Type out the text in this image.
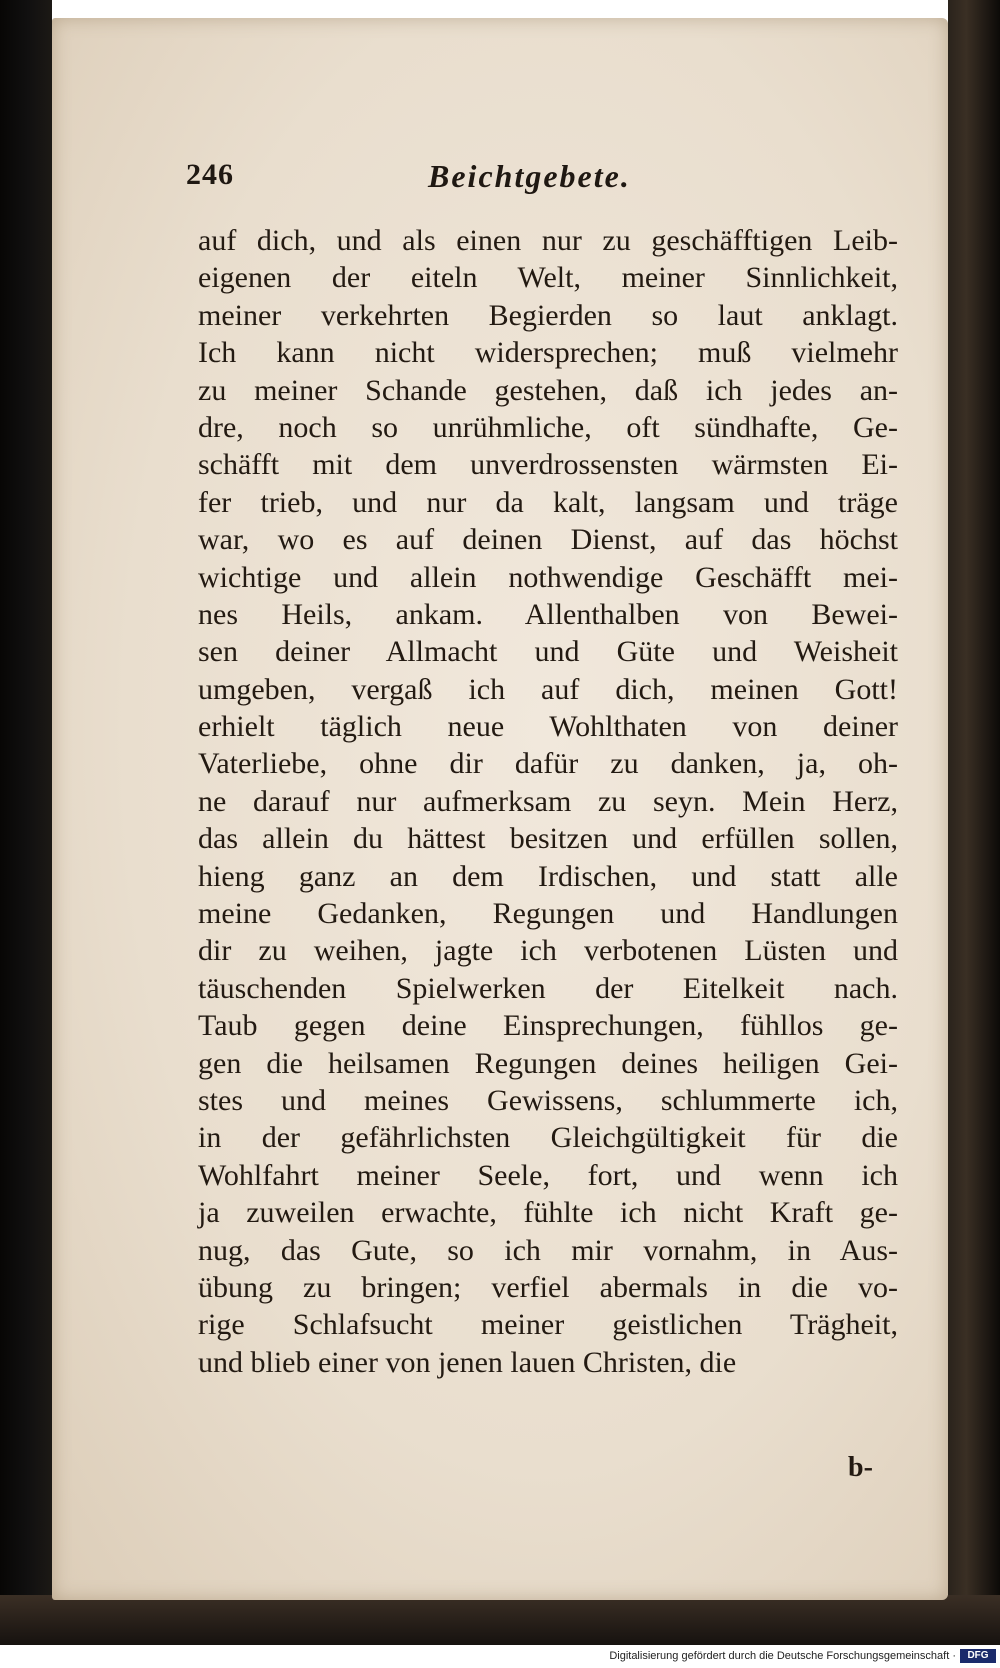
246	Beichtgebete.
auf dich, und als einen nur zu geschäfftigen Leib-
eigenen der eiteln Welt, meiner Sinnlichkeit,
meiner verkehrten Begierden so laut anklagt.
Ich kann nicht widersprechen; muß vielmehr
zu meiner Schande gestehen, daß ich jedes an-
dre, noch so unrühmliche, oft sündhafte, Ge-
schäfft mit dem unverdrossensten wärmsten Ei-
fer trieb, und nur da kalt, langsam und träge
war, wo es auf deinen Dienst, auf das höchst
wichtige und allein nothwendige Geschäfft mei-
nes Heils, ankam. Allenthalben von Bewei-
sen deiner Allmacht und Güte und Weisheit
umgeben, vergaß ich auf dich, meinen Gott!
erhielt täglich neue Wohlthaten von deiner
Vaterliebe, ohne dir dafür zu danken, ja, oh-
ne darauf nur aufmerksam zu seyn. Mein Herz,
das allein du hättest besitzen und erfüllen sollen,
hieng ganz an dem Irdischen, und statt alle
meine Gedanken, Regungen und Handlungen
dir zu weihen, jagte ich verbotenen Lüsten und
täuschenden Spielwerken der Eitelkeit nach.
Taub gegen deine Einsprechungen, fühllos ge-
gen die heilsamen Regungen deines heiligen Gei-
stes und meines Gewissens, schlummerte ich,
in der gefährlichsten Gleichgültigkeit für die
Wohlfahrt meiner Seele, fort, und wenn ich
ja zuweilen erwachte, fühlte ich nicht Kraft ge-
nug, das Gute, so ich mir vornahm, in Aus-
übung zu bringen; verfiel abermals in die vo-
rige Schlafsucht meiner geistlichen Trägheit,
und blieb einer von jenen lauen Christen, die
b-
Digitalisierung gefördert durch die Deutsche Forschungsgemeinschaft ·	DFG
